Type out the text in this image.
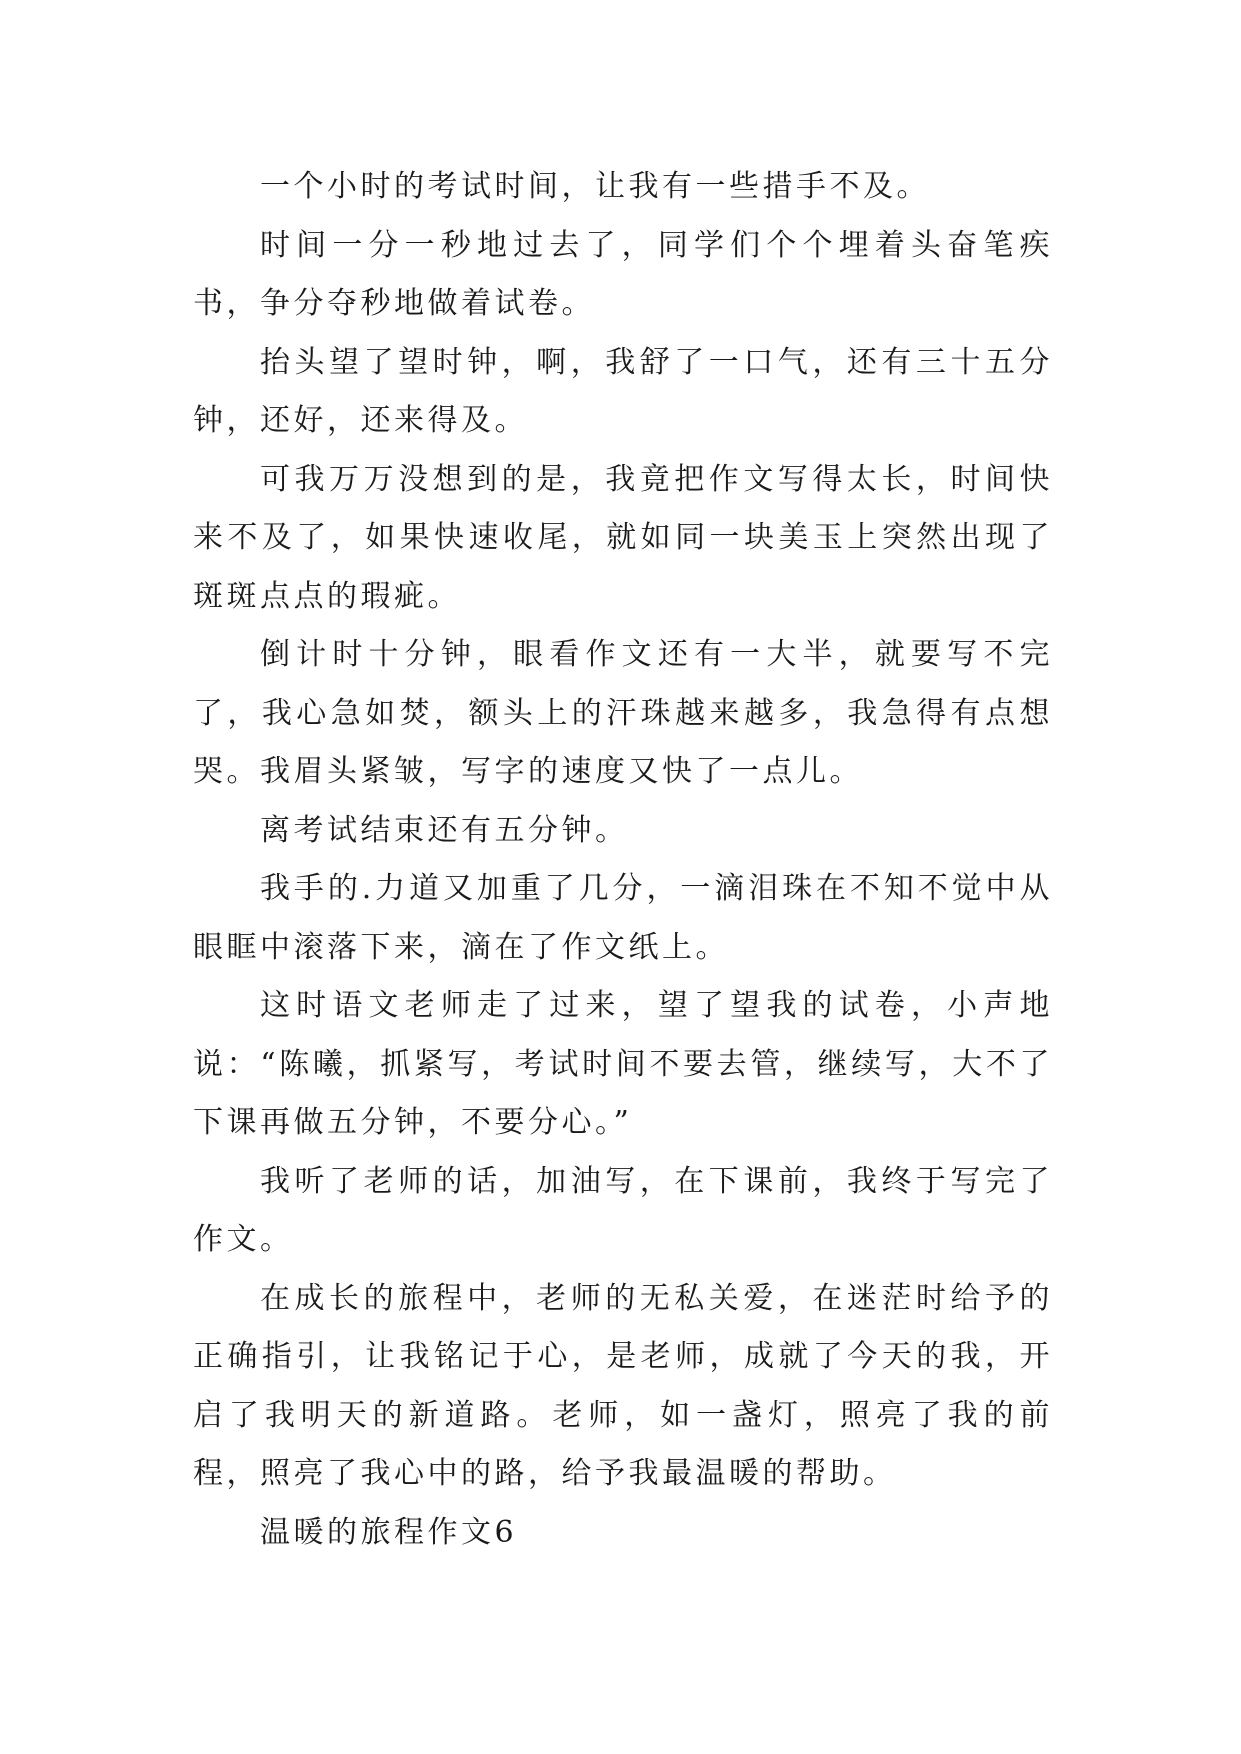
一个小时的考试时间，让我有一些措手不及。

时间一分一秒地过去了，同学们个个埋着头奋笔疾书，争分夺秒地做着试卷。

抬头望了望时钟，啊，我舒了一口气，还有三十五分钟，还好，还来得及。

可我万万没想到的是，我竟把作文写得太长，时间快来不及了，如果快速收尾，就如同一块美玉上突然出现了斑斑点点的瑕疵。

倒计时十分钟，眼看作文还有一大半，就要写不完了，我心急如焚，额头上的汗珠越来越多，我急得有点想哭。我眉头紧皱，写字的速度又快了一点儿。

离考试结束还有五分钟。

我手的.力道又加重了几分，一滴泪珠在不知不觉中从眼眶中滚落下来，滴在了作文纸上。

这时语文老师走了过来，望了望我的试卷，小声地说：“陈曦，抓紧写，考试时间不要去管，继续写，大不了下课再做五分钟，不要分心。”

我听了老师的话，加油写，在下课前，我终于写完了作文。

在成长的旅程中，老师的无私关爱，在迷茫时给予的正确指引，让我铭记于心，是老师，成就了今天的我，开启了我明天的新道路。老师，如一盏灯，照亮了我的前程，照亮了我心中的路，给予我最温暖的帮助。

温暖的旅程作文6
